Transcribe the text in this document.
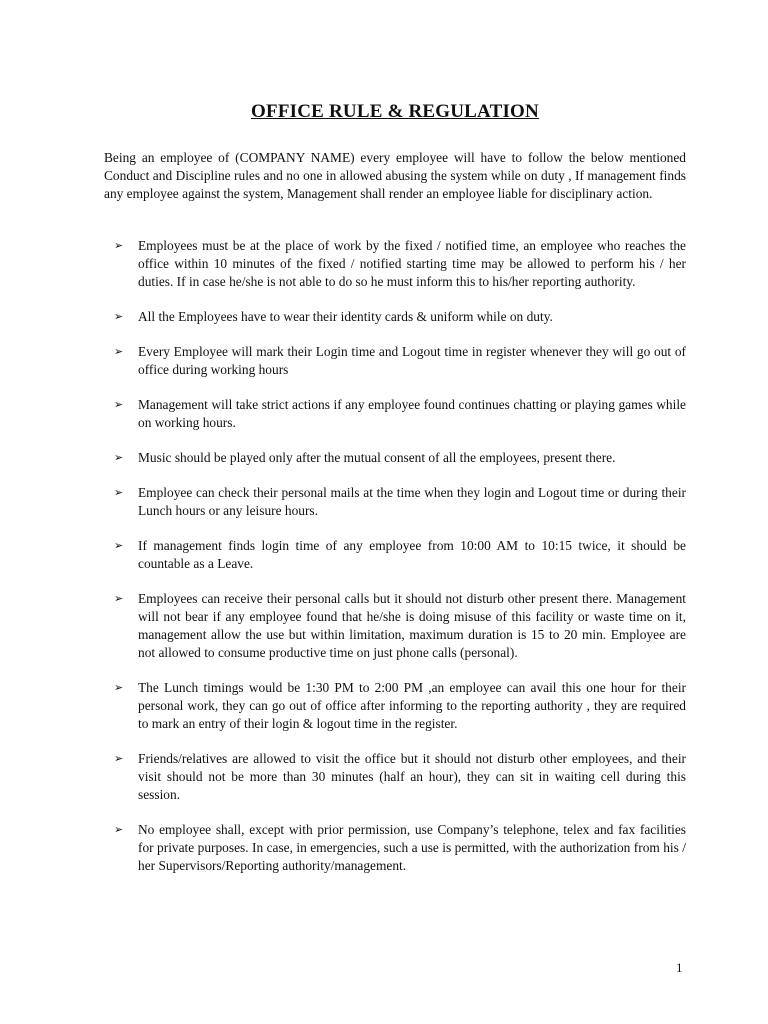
OFFICE RULE & REGULATION

Being an employee of (COMPANY NAME) every employee will have to follow the below mentioned Conduct and Discipline rules and no one in allowed abusing the system while on duty , If management finds any employee against the system, Management shall render an employee liable for disciplinary action.

➢ Employees must be at the place of work by the fixed / notified time, an employee who reaches the office within 10 minutes of the fixed / notified starting time may be allowed to perform his / her duties. If in case he/she is not able to do so he must inform this to his/her reporting authority.
➢ All the Employees have to wear their identity cards & uniform while on duty.
➢ Every Employee will mark their Login time and Logout time in register whenever they will go out of office during working hours
➢ Management will take strict actions if any employee found continues chatting or playing games while on working hours.
➢ Music should be played only after the mutual consent of all the employees, present there.
➢ Employee can check their personal mails at the time when they login and Logout time or during their Lunch hours or any leisure hours.
➢ If management finds login time of any employee from 10:00 AM to 10:15 twice, it should be countable as a Leave.
➢ Employees can receive their personal calls but it should not disturb other present there. Management will not bear if any employee found that he/she is doing misuse of this facility or waste time on it, management allow the use but within limitation, maximum duration is 15 to 20 min. Employee are not allowed to consume productive time on just phone calls (personal).
➢ The Lunch timings would be 1:30 PM to 2:00 PM ,an employee can avail this one hour for their personal work, they can go out of office after informing to the reporting authority , they are required to mark an entry of their login & logout time in the register.
➢ Friends/relatives are allowed to visit the office but it should not disturb other employees, and their visit should not be more than 30 minutes (half an hour), they can sit in waiting cell during this session.
➢ No employee shall, except with prior permission, use Company’s telephone, telex and fax facilities for private purposes. In case, in emergencies, such a use is permitted, with the authorization from his / her Supervisors/Reporting authority/management.
1
